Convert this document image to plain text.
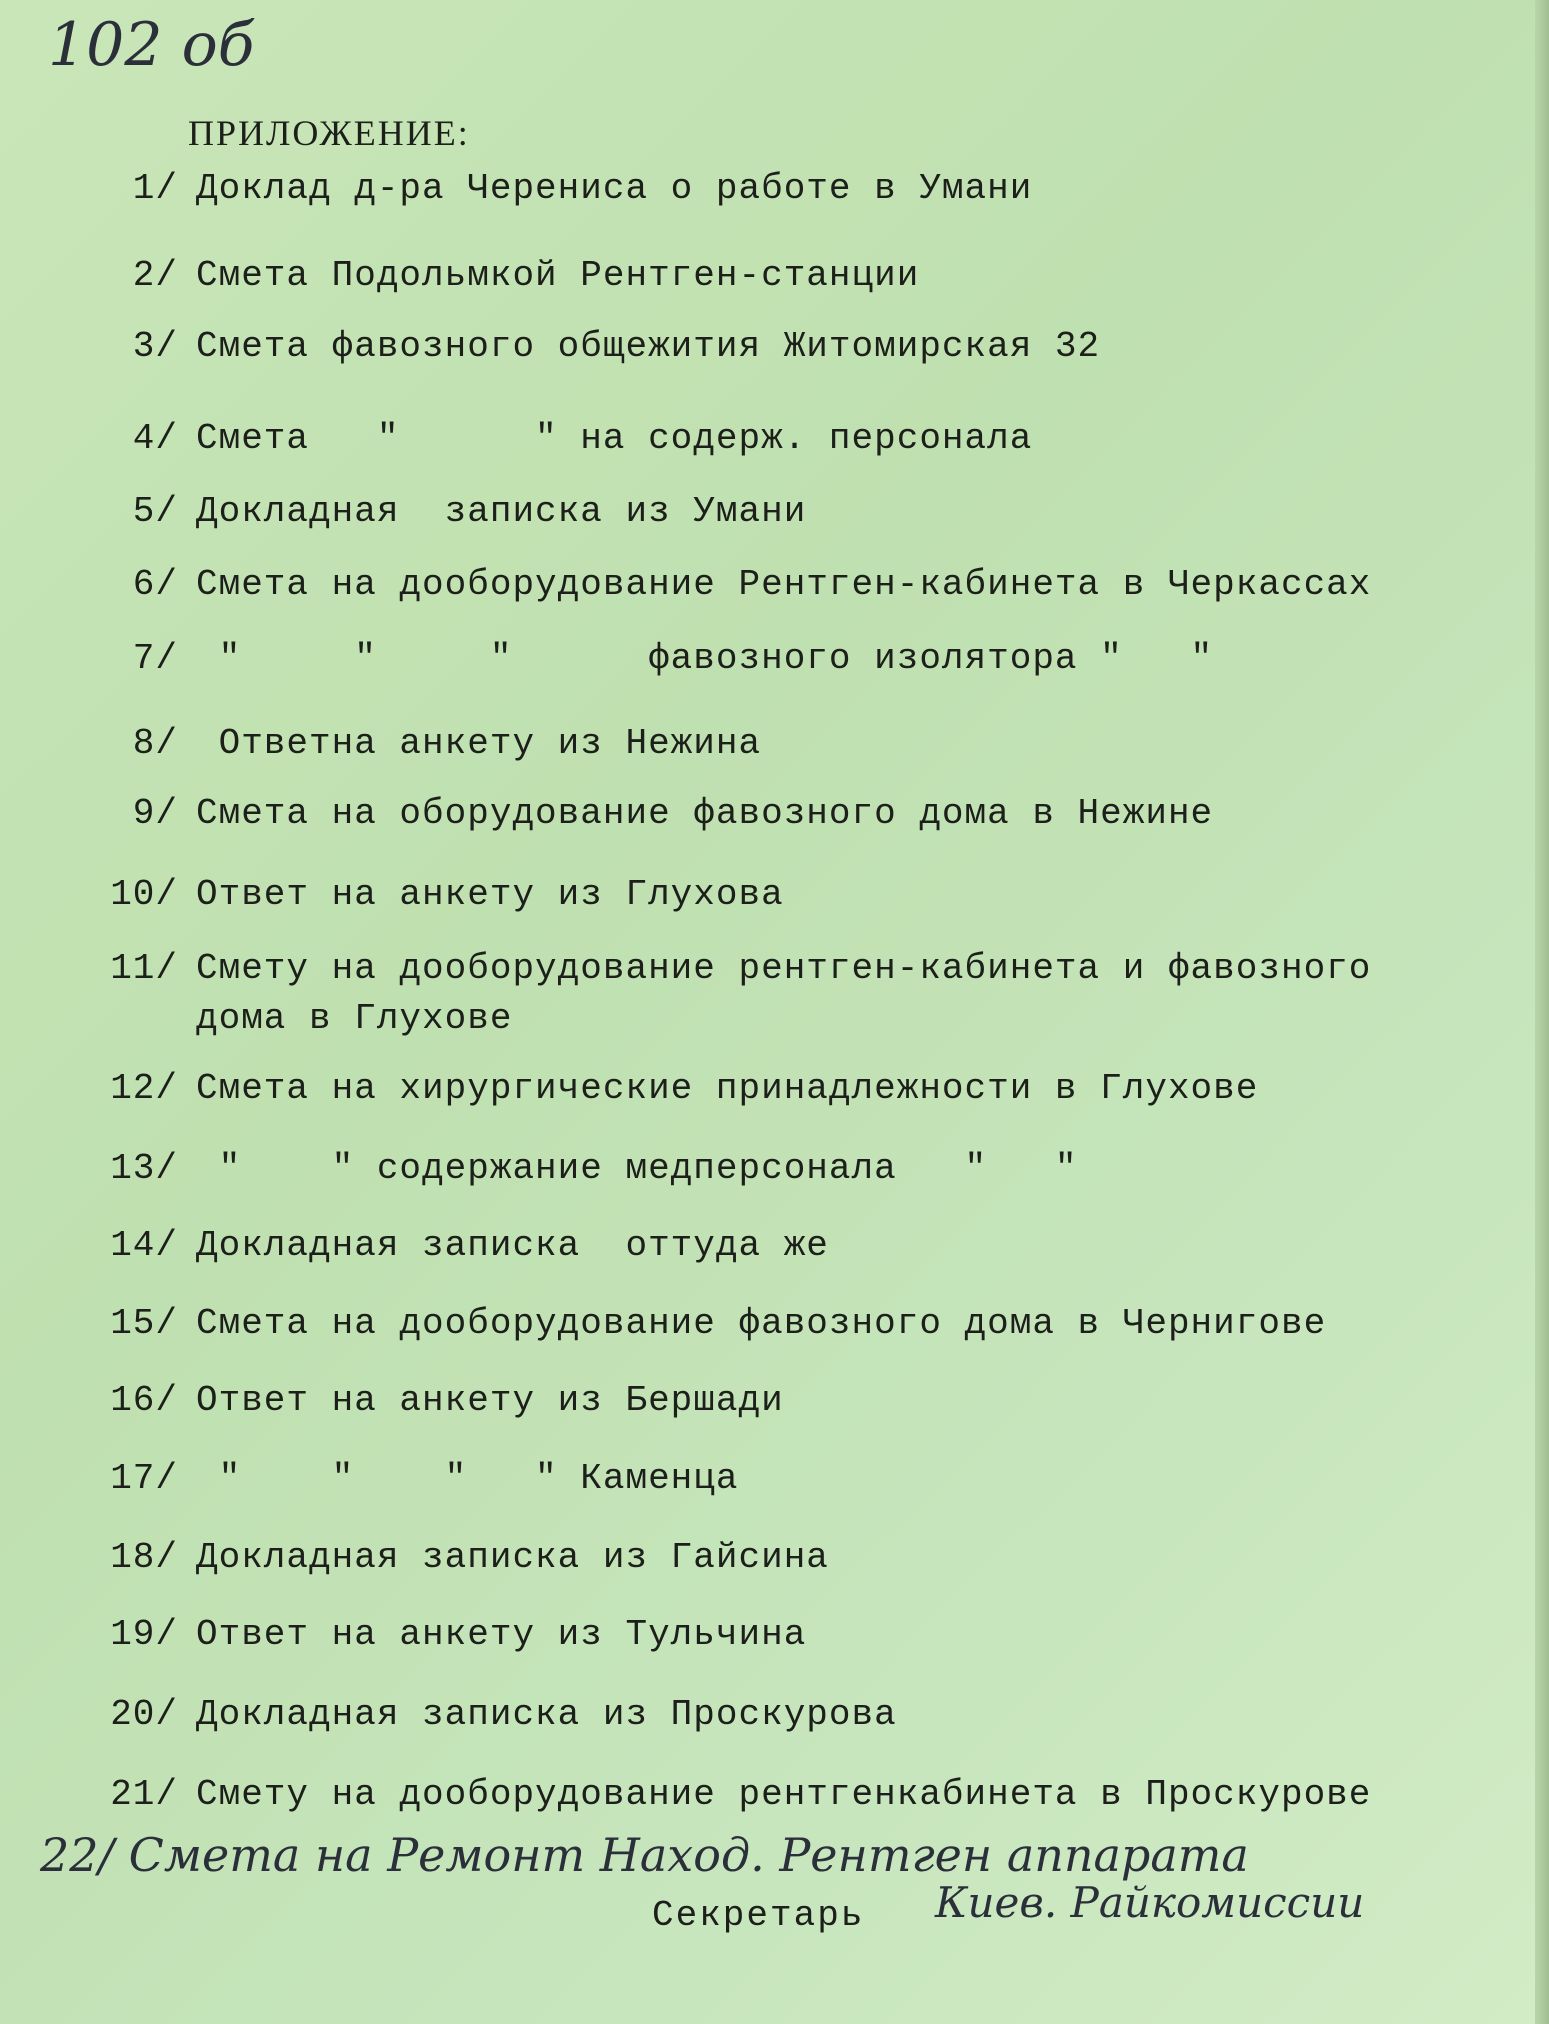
102 об
ПРИЛОЖЕНИЕ:
1/ Доклад д-ра Черениса о работе в Умани
2/ Смета Подольмкой Рентген-станции
3/ Смета фавозного общежития Житомирская 32
4/ Смета   "      " на содерж. персонала
5/ Докладная  записка из Умани
6/ Смета на дооборудование Рентген-кабинета в Черкассах
7/ "     "     "      фавозного изолятора "   "
8/ Ответна анкету из Нежина
9/ Смета на оборудование фавозного дома в Нежине
10/ Ответ на анкету из Глухова
11/ Смету на дооборудование рентген-кабинета и фавозного
дома в Глухове
12/ Смета на хирургические принадлежности в Глухове
13/ "    " содержание медперсонала   "   "
14/ Докладная записка  оттуда же
15/ Смета на дооборудование фавозного дома в Чернигове
16/ Ответ на анкету из Бершади
17/ "    "    "   " Каменца
18/ Докладная записка из Гайсина
19/ Ответ на анкету из Тульчина
20/ Докладная записка из Проскурова
21/ Смету на дооборудование рентгенкабинета в Проскурове
22/ Смета на Ремонт Наход. Рентген аппарата
Киев. Райкомиссии
Секретарь
